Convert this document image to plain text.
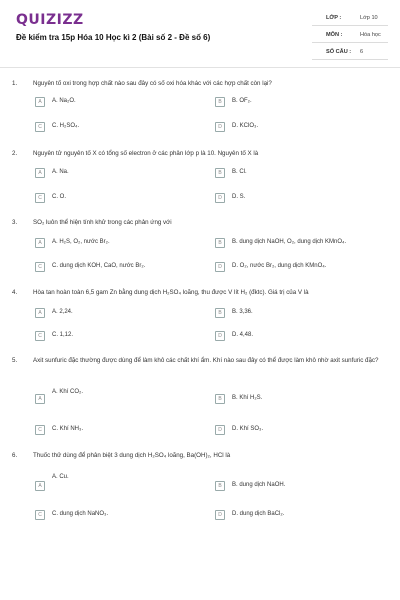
QUIZIZZ
Đề kiểm tra 15p Hóa 10 Học kì 2 (Bài số 2 - Đề số 6)
LỚP :	Lớp 10
MÔN :	Hóa học
SỐ CÂU : 6
1.	Nguyên tố oxi trong hợp chất nào sau đây có số oxi hóa khác với các hợp chất còn lại?
A	A. Na₂O.	B	B. OF₂.
C	C. H₂SO₄.	D	D. KClO₃.
2.	Nguyên tử nguyên tố X có tổng số electron ở các phân lớp p là 10. Nguyên tố X là
A	A. Na.	B	B. Cl.
C	C. O.	D	D. S.
3.	SO₂ luôn thể hiện tính khử trong các phản ứng với
A	A. H₂S, O₂, nước Br₂.	B	B. dung dịch NaOH, O₂, dung dịch KMnO₄.
C	C. dung dịch KOH, CaO, nước Br₂.	D	D. O₂, nước Br₂, dung dịch KMnO₄.
4.	Hòa tan hoàn toàn 6,5 gam Zn bằng dung dịch H₂SO₄ loãng, thu được V lít H₂ (đktc). Giá trị của V là
A	A. 2,24.	B	B. 3,36.
C	C. 1,12.	D	D. 4,48.
5.	Axit sunfuric đặc thường được dùng để làm khô các chất khí ẩm. Khí nào sau đây có thể được làm khô nhờ axit sunfuric đặc?
A
A. Khí CO₂.
B	B. Khí H₂S.
C	C. Khí NH₃.	D	D. Khí SO₃.
6.	Thuốc thử dùng để phân biệt 3 dung dịch H₂SO₄ loãng, Ba(OH)₂, HCl là
A
A. Cu.
B	B. dung dịch NaOH.
C	C. dung dịch NaNO₃.	D	D. dung dịch BaCl₂.
